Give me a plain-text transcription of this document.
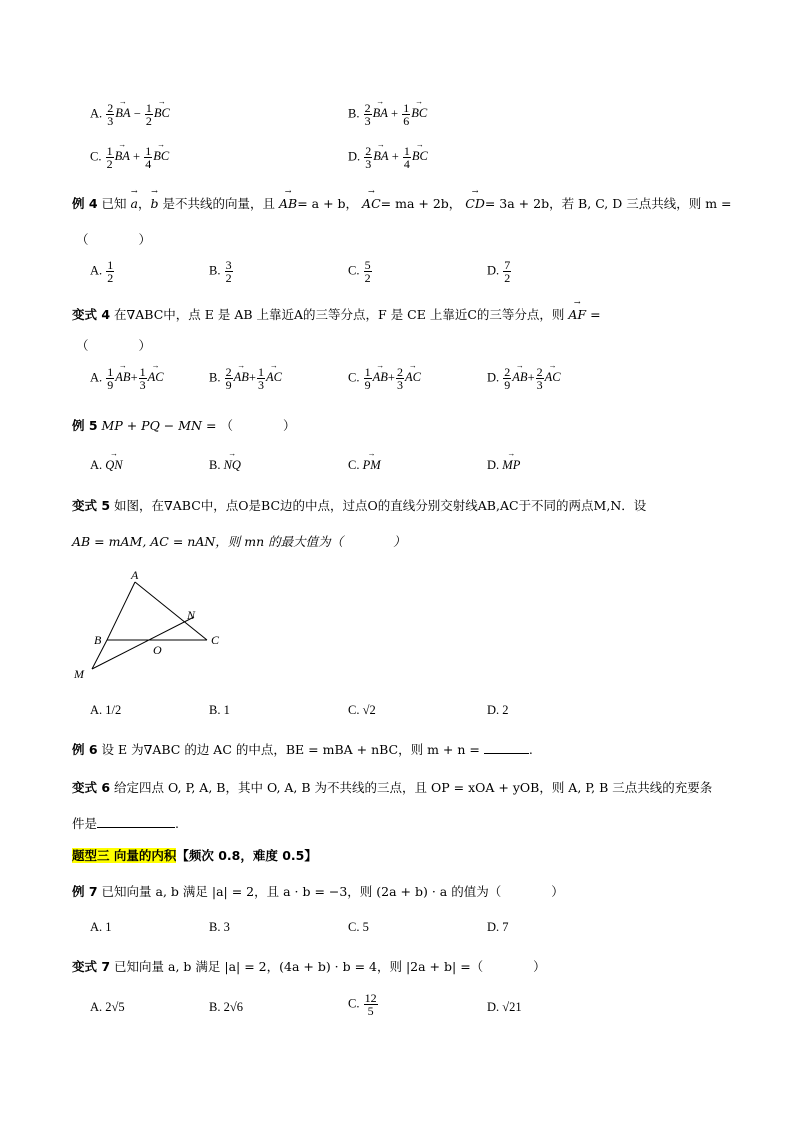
A. $\frac{2}{3}$
→ BA − $\frac{1}{2}$
→ BC	B. $\frac{2}{3}$
→ BA + $\frac{1}{6}$
→ BC
C. $\frac{1}{2}$
→ BA + $\frac{1}{4}$
→ BC	D. $\frac{2}{3}$
→ BA + $\frac{1}{4}$
→ BC
例 4 已知 → a，→ b 是不共线的向量，且 → AB= a + b， → AC= ma + 2b， → CD= 3a + 2b，若 B, C, D 三点共线，则 m =
（　　　　）
A. $\frac{1}{2}$	B. $\frac{3}{2}$	C. $\frac{5}{2}$	D. $\frac{7}{2}$
变式 4 在∇ABC中，点 E 是 AB 上靠近A的三等分点，F 是 CE 上靠近C的三等分点，则 → AF =
（　　　　）
A. $\frac{1}{9}$
→ $AB+ \frac{1}{3}$
→ AC	B. $\frac{2}{9}$
→ $AB+ \frac{1}{3}$
→ AC	C. $\frac{1}{9}$
→ $AB+ \frac{2}{3}$
→ AC	D. $\frac{2}{9}$
→ $AB+ \frac{2}{3}$
→ AC
例 5 MP + PQ − MN = （　　　　）
A. → QN	B. → NQ	C. → PM	D. → MP
变式 5 如图，在∇ABC中，点O是BC边的中点，过点O的直线分别交射线AB,AC于不同的两点M,N．设
AB = mAM, AC = nAN，则 mn 的最大值为（　　　　）
A
B	C
M
N
O
A. 1/2	B. 1	C. √2	D. 2
例 6 设 E 为∇ABC 的边 AC 的中点，BE = mBA + nBC，则 m + n =	.
变式 6 给定四点 O, P, A, B，其中 O, A, B 为不共线的三点，且 OP = xOA + yOB，则 A, P, B 三点共线的充要条
件是	.
题型三 向量的内积【频次 0.8，难度 0.5】
例 7 已知向量 a, b 满足 |a| = 2，且 a · b = −3，则 (2a + b) · a 的值为（　　　　）
A. 1	B. 3	C. 5	D. 7
变式 7 已知向量 a, b 满足 |a| = 2，(4a + b) · b = 4，则 |2a + b| =（　　　　）
A. 2√5	B. 2√6	C. $\frac{12}{5}$	D. √21
